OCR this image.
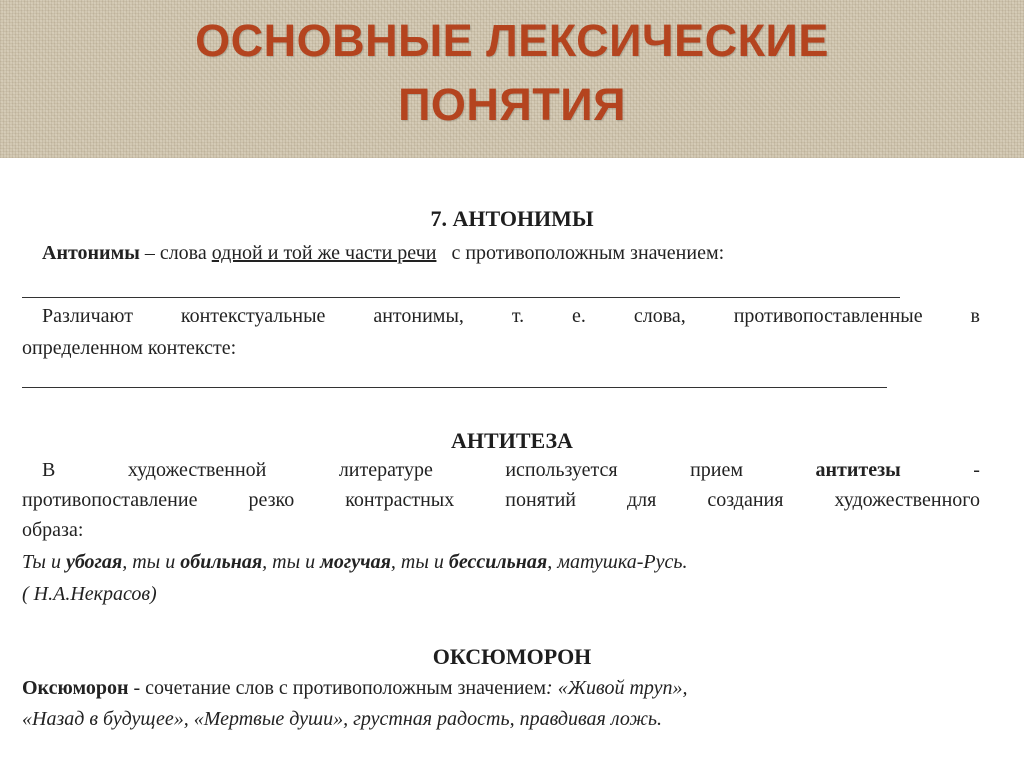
ОСНОВНЫЕ ЛЕКСИЧЕСКИЕ
ПОНЯТИЯ
7. АНТОНИМЫ
Антонимы – слова одной и той же части речи с противоположным значением:
Различают контекстуальные антонимы, т. е. слова, противопоставленные в
определенном контексте:
АНТИТЕЗА
В	художественной	литературе	используется	прием	антитезы	-
противопоставление резко контрастных понятий для создания художественного
образа:
Ты и убогая, ты и обильная, ты и могучая, ты и бессильная, матушка-Русь.
( Н.А.Некрасов)
ОКСЮМОРОН
Оксюморон - сочетание слов с противоположным значением: «Живой труп»,
«Назад в будущее», «Мертвые души», грустная радость, правдивая ложь.
